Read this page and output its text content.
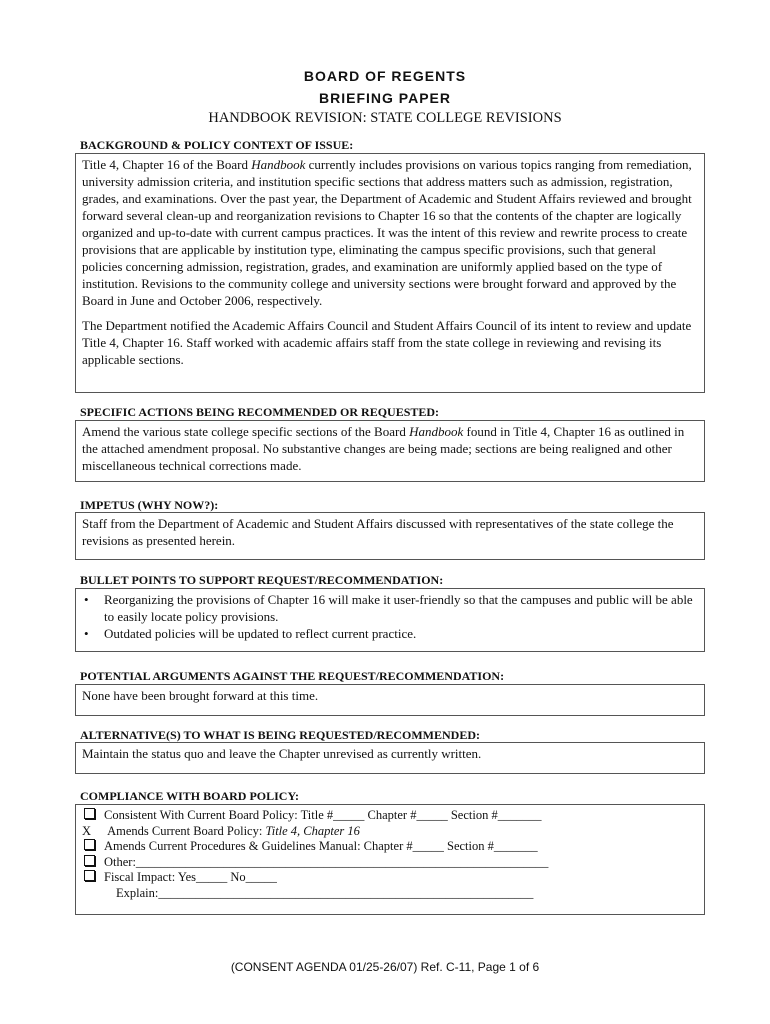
BOARD OF REGENTS
BRIEFING PAPER
HANDBOOK REVISION: STATE COLLEGE REVISIONS
BACKGROUND & POLICY CONTEXT OF ISSUE:

Title 4, Chapter 16 of the Board Handbook currently includes provisions on various topics ranging from remediation, university admission criteria, and institution specific sections that address matters such as admission, registration, grades, and examinations. Over the past year, the Department of Academic and Student Affairs reviewed and brought forward several clean-up and reorganization revisions to Chapter 16 so that the contents of the chapter are logically organized and up-to-date with current campus practices. It was the intent of this review and rewrite process to create provisions that are applicable by institution type, eliminating the campus specific provisions, such that general policies concerning admission, registration, grades, and examination are uniformly applied based on the type of institution. Revisions to the community college and university sections were brought forward and approved by the Board in June and October 2006, respectively.

The Department notified the Academic Affairs Council and Student Affairs Council of its intent to review and update Title 4, Chapter 16. Staff worked with academic affairs staff from the state college in reviewing and revising its applicable sections.

SPECIFIC ACTIONS BEING RECOMMENDED OR REQUESTED:

Amend the various state college specific sections of the Board Handbook found in Title 4, Chapter 16 as outlined in the attached amendment proposal. No substantive changes are being made; sections are being realigned and other miscellaneous technical corrections made.

IMPETUS (WHY NOW?):

Staff from the Department of Academic and Student Affairs discussed with representatives of the state college the revisions as presented herein.

BULLET POINTS TO SUPPORT REQUEST/RECOMMENDATION:
• Reorganizing the provisions of Chapter 16 will make it user-friendly so that the campuses and public will be able to easily locate policy provisions.
• Outdated policies will be updated to reflect current practice.
POTENTIAL ARGUMENTS AGAINST THE REQUEST/RECOMMENDATION:

None have been brought forward at this time.

ALTERNATIVE(S) TO WHAT IS BEING REQUESTED/RECOMMENDED:

Maintain the status quo and leave the Chapter unrevised as currently written.

COMPLIANCE WITH BOARD POLICY:
Consistent With Current Board Policy: Title #_____ Chapter #_____ Section #_______
X	Amends Current Board Policy: Title 4, Chapter 16
Amends Current Procedures & Guidelines Manual: Chapter #_____ Section #_______
Other:__________________________________________________________________
Fiscal Impact: Yes_____ No_____
Explain:____________________________________________________________
(CONSENT AGENDA 01/25-26/07) Ref. C-11, Page 1 of 6
